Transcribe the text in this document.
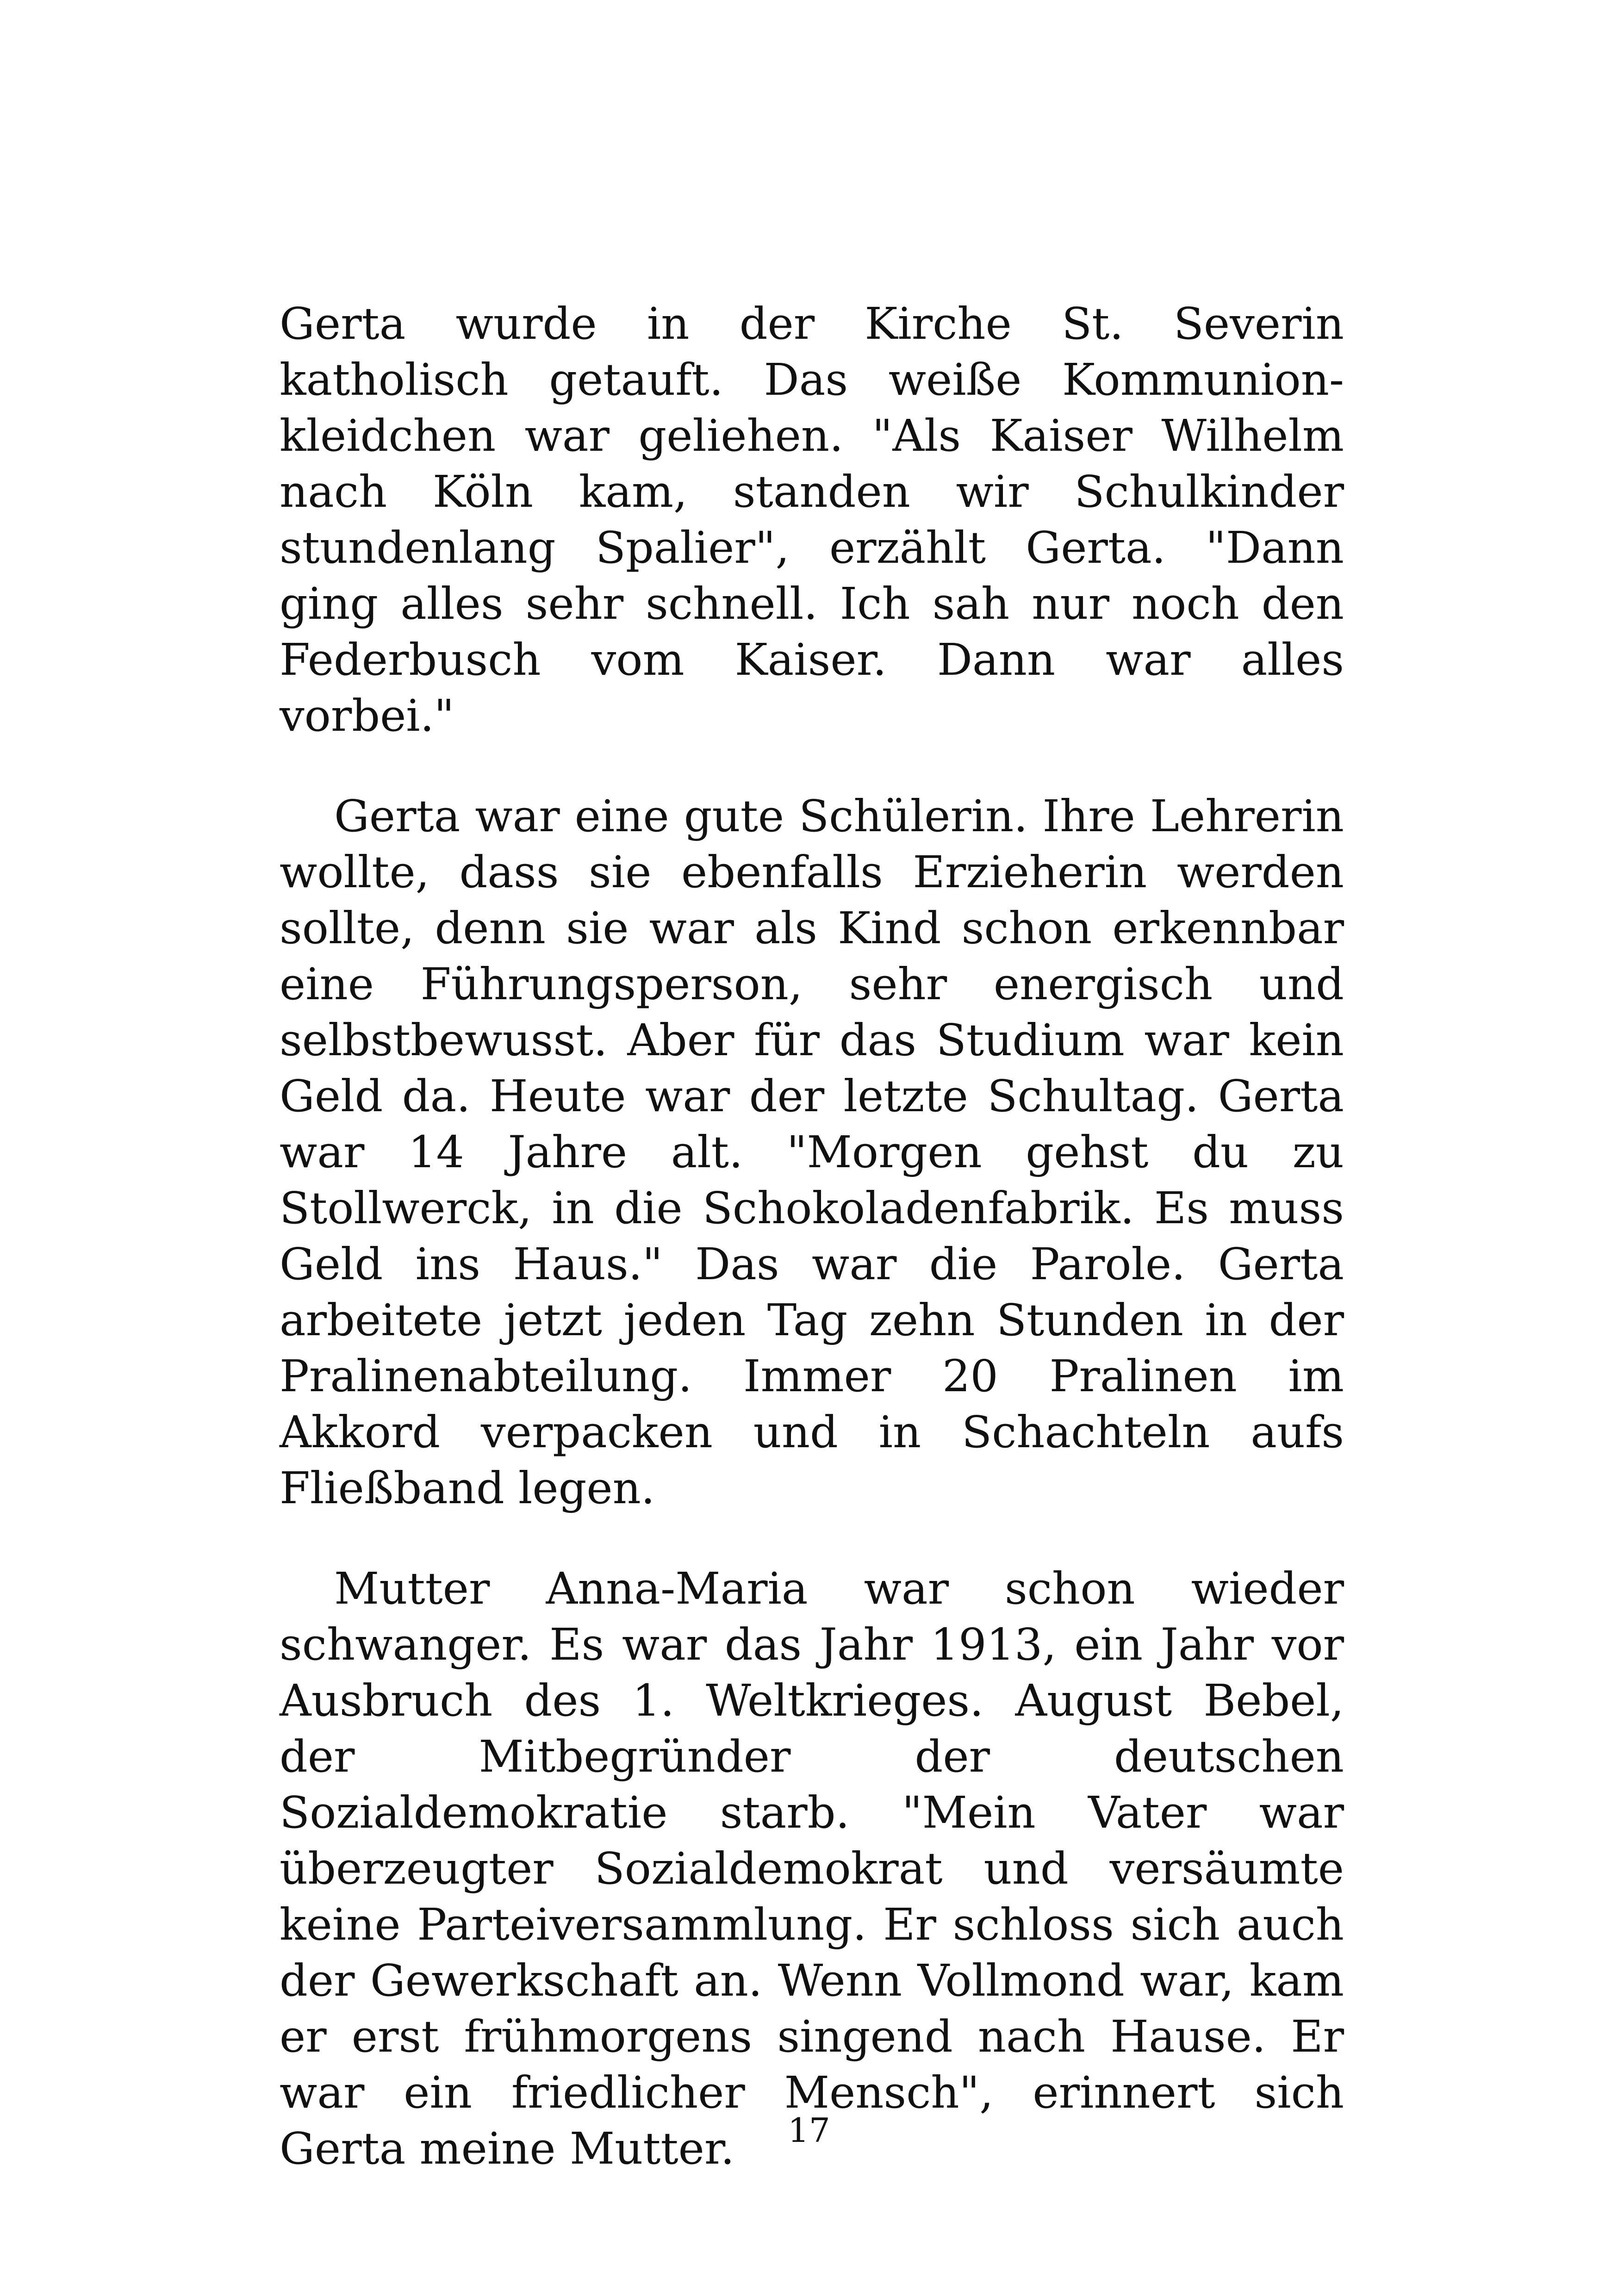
Gerta wurde in der Kirche St. Severin katholisch getauft. Das weiße Kommunion-kleidchen war geliehen. "Als Kaiser Wilhelm nach Köln kam, standen wir Schulkinder stundenlang Spalier", erzählt Gerta. "Dann ging alles sehr schnell. Ich sah nur noch den Federbusch vom Kaiser. Dann war alles vorbei."

Gerta war eine gute Schülerin. Ihre Lehrerin wollte, dass sie ebenfalls Erzieherin werden sollte, denn sie war als Kind schon erkennbar eine Führungsperson, sehr energisch und selbstbewusst. Aber für das Studium war kein Geld da. Heute war der letzte Schultag. Gerta war 14 Jahre alt. "Morgen gehst du zu Stollwerck, in die Schokoladenfabrik. Es muss Geld ins Haus." Das war die Parole. Gerta arbeitete jetzt jeden Tag zehn Stunden in der Pralinenabteilung. Immer 20 Pralinen im Akkord verpacken und in Schachteln aufs Fließband legen.

Mutter Anna-Maria war schon wieder schwanger. Es war das Jahr 1913, ein Jahr vor Ausbruch des 1. Weltkrieges. August Bebel, der Mitbegründer der deutschen Sozialdemokratie starb. "Mein Vater war überzeugter Sozialdemokrat und versäumte keine Parteiversammlung. Er schloss sich auch der Gewerkschaft an. Wenn Vollmond war, kam er erst frühmorgens singend nach Hause. Er war ein friedlicher Mensch", erinnert sich Gerta meine Mutter.	17
